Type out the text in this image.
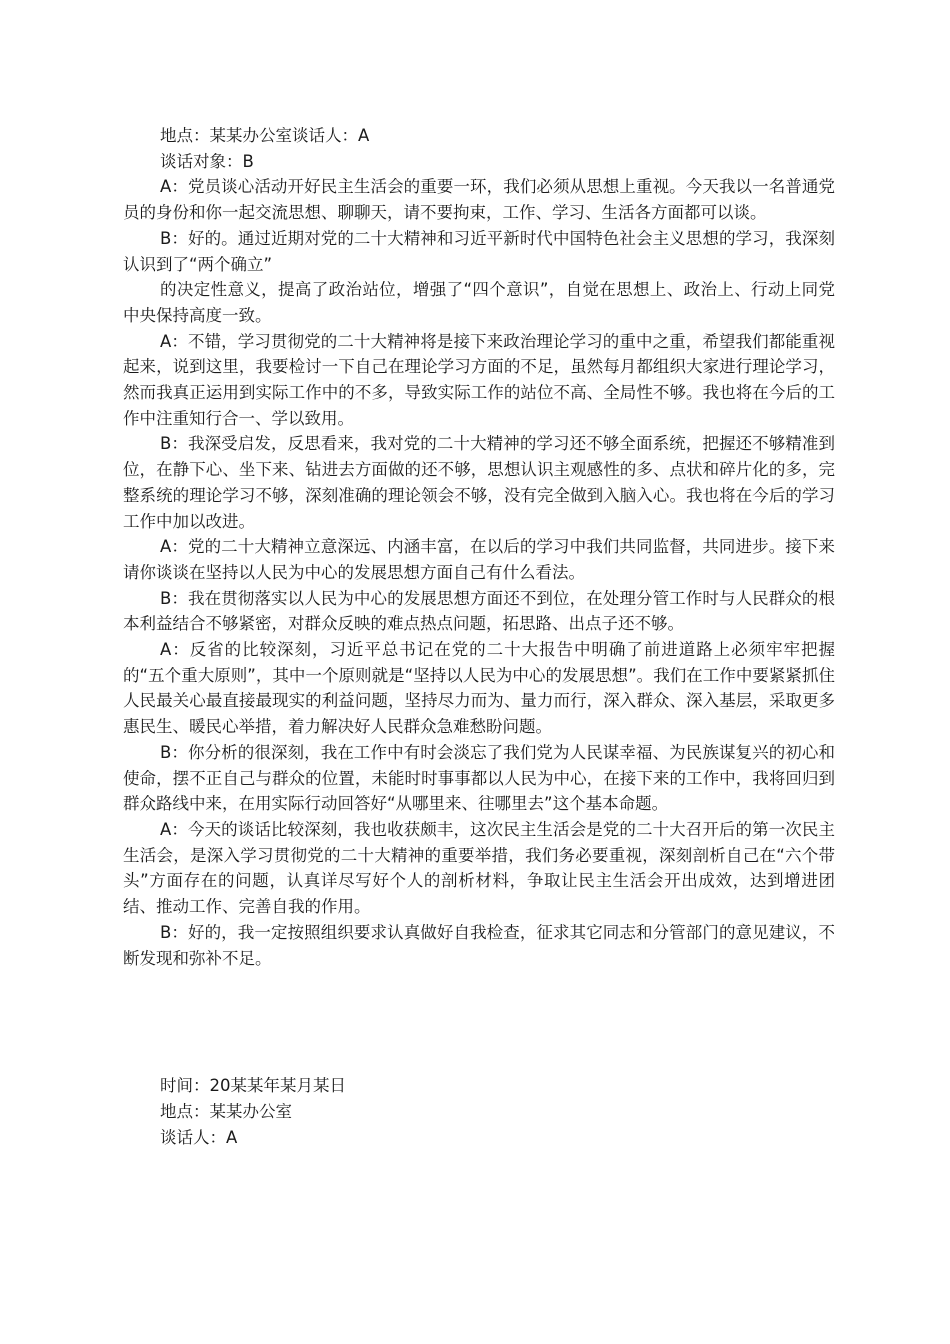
地点：某某办公室谈话人：A

谈话对象：B

A：党员谈心活动开好民主生活会的重要一环，我们必须从思想上重视。今天我以一名普通党员的身份和你一起交流思想、聊聊天，请不要拘束，工作、学习、生活各方面都可以谈。

B：好的。通过近期对党的二十大精神和习近平新时代中国特色社会主义思想的学习，我深刻认识到了“两个确立”

的决定性意义，提高了政治站位，增强了“四个意识”，自觉在思想上、政治上、行动上同党中央保持高度一致。

A：不错，学习贯彻党的二十大精神将是接下来政治理论学习的重中之重，希望我们都能重视起来，说到这里，我要检讨一下自己在理论学习方面的不足，虽然每月都组织大家进行理论学习，然而我真正运用到实际工作中的不多，导致实际工作的站位不高、全局性不够。我也将在今后的工作中注重知行合一、学以致用。

B：我深受启发，反思看来，我对党的二十大精神的学习还不够全面系统，把握还不够精准到位，在静下心、坐下来、钻进去方面做的还不够，思想认识主观感性的多、点状和碎片化的多，完整系统的理论学习不够，深刻准确的理论领会不够，没有完全做到入脑入心。我也将在今后的学习工作中加以改进。

A：党的二十大精神立意深远、内涵丰富，在以后的学习中我们共同监督，共同进步。接下来请你谈谈在坚持以人民为中心的发展思想方面自己有什么看法。

B：我在贯彻落实以人民为中心的发展思想方面还不到位，在处理分管工作时与人民群众的根本利益结合不够紧密，对群众反映的难点热点问题，拓思路、出点子还不够。

A：反省的比较深刻，习近平总书记在党的二十大报告中明确了前进道路上必须牢牢把握的“五个重大原则”，其中一个原则就是“坚持以人民为中心的发展思想”。我们在工作中要紧紧抓住人民最关心最直接最现实的利益问题，坚持尽力而为、量力而行，深入群众、深入基层，采取更多惠民生、暖民心举措，着力解决好人民群众急难愁盼问题。

B：你分析的很深刻，我在工作中有时会淡忘了我们党为人民谋幸福、为民族谋复兴的初心和使命，摆不正自己与群众的位置，未能时时事事都以人民为中心，在接下来的工作中，我将回归到群众路线中来，在用实际行动回答好“从哪里来、往哪里去”这个基本命题。

A：今天的谈话比较深刻，我也收获颇丰，这次民主生活会是党的二十大召开后的第一次民主生活会，是深入学习贯彻党的二十大精神的重要举措，我们务必要重视，深刻剖析自己在“六个带头”方面存在的问题，认真详尽写好个人的剖析材料，争取让民主生活会开出成效，达到增进团结、推动工作、完善自我的作用。

B：好的，我一定按照组织要求认真做好自我检查，征求其它同志和分管部门的意见建议，不断发现和弥补不足。

时间：20某某年某月某日

地点：某某办公室

谈话人：A
